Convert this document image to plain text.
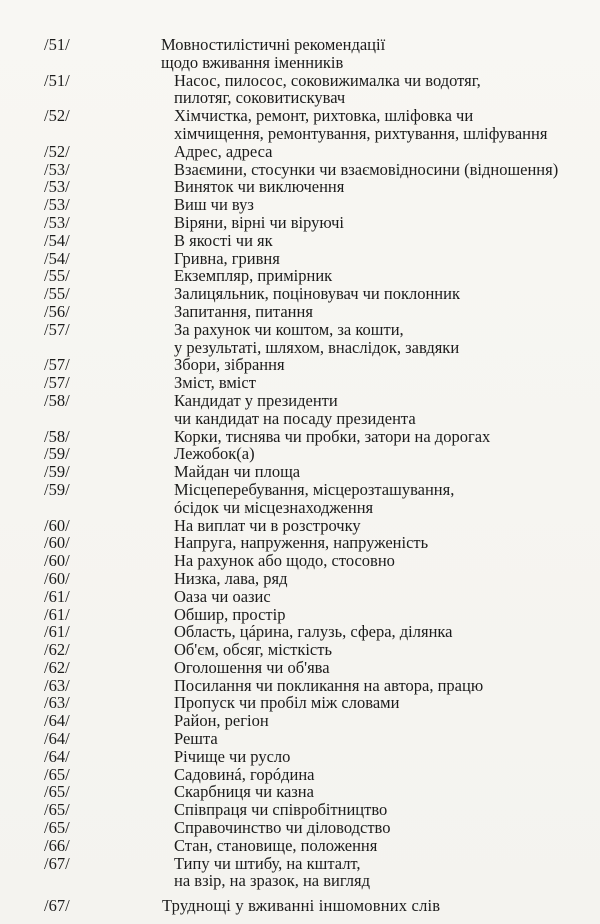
/51/	Мовностилістичні рекомендації
щодо вживання іменників
/51/	Насос, пилосос, соковижималка чи водотяг,
пилотяг, соковитискувач
/52/	Хімчистка, ремонт, рихтовка, шліфовка чи
хімчищення, ремонтування, рихтування, шліфування
/52/	Адрес, адреса
/53/	Взаємини, стосунки чи взаємовідносини (відношення)
/53/	Виняток чи виключення
/53/	Виш чи вуз
/53/	Віряни, вірні чи віруючі
/54/	В якості чи як
/54/	Гривна, гривня
/55/	Екземпляр, примірник
/55/	Залицяльник, поціновувач чи поклонник
/56/	Запитання, питання
/57/	За рахунок чи коштом, за кошти,
у результаті, шляхом, внаслідок, завдяки
/57/	Збори, зібрання
/57/	Зміст, вміст
/58/	Кандидат у президенти
чи кандидат на посаду президента
/58/	Корки, тиснява чи пробки, затори на дорогах
/59/	Лежобок(а)
/59/	Майдан чи площа
/59/	Місцеперебування, місцерозташування,
óсідок чи місцезнаходження
/60/	На виплат чи в розстрочку
/60/	Напруга, напруження, напруженість
/60/	На рахунок або щодо, стосовно
/60/	Низка, лава, ряд
/61/	Оаза чи оазис
/61/	Обшир, простір
/61/	Область, цáрина, галузь, сфера, ділянка
/62/	Об'єм, обсяг, місткість
/62/	Оголошення чи об'ява
/63/	Посилання чи покликання на автора, працю
/63/	Пропуск чи пробіл між словами
/64/	Район, регіон
/64/	Решта
/64/	Річище чи русло
/65/	Садовинá, горóдина
/65/	Скарбниця чи казна
/65/	Співпраця чи співробітництво
/65/	Справочинство чи діловодство
/66/	Стан, становище, положення
/67/	Типу чи штибу, на кшталт,
на взір, на зразок, на вигляд
/67/	Труднощі у вживанні іншомовних слів
